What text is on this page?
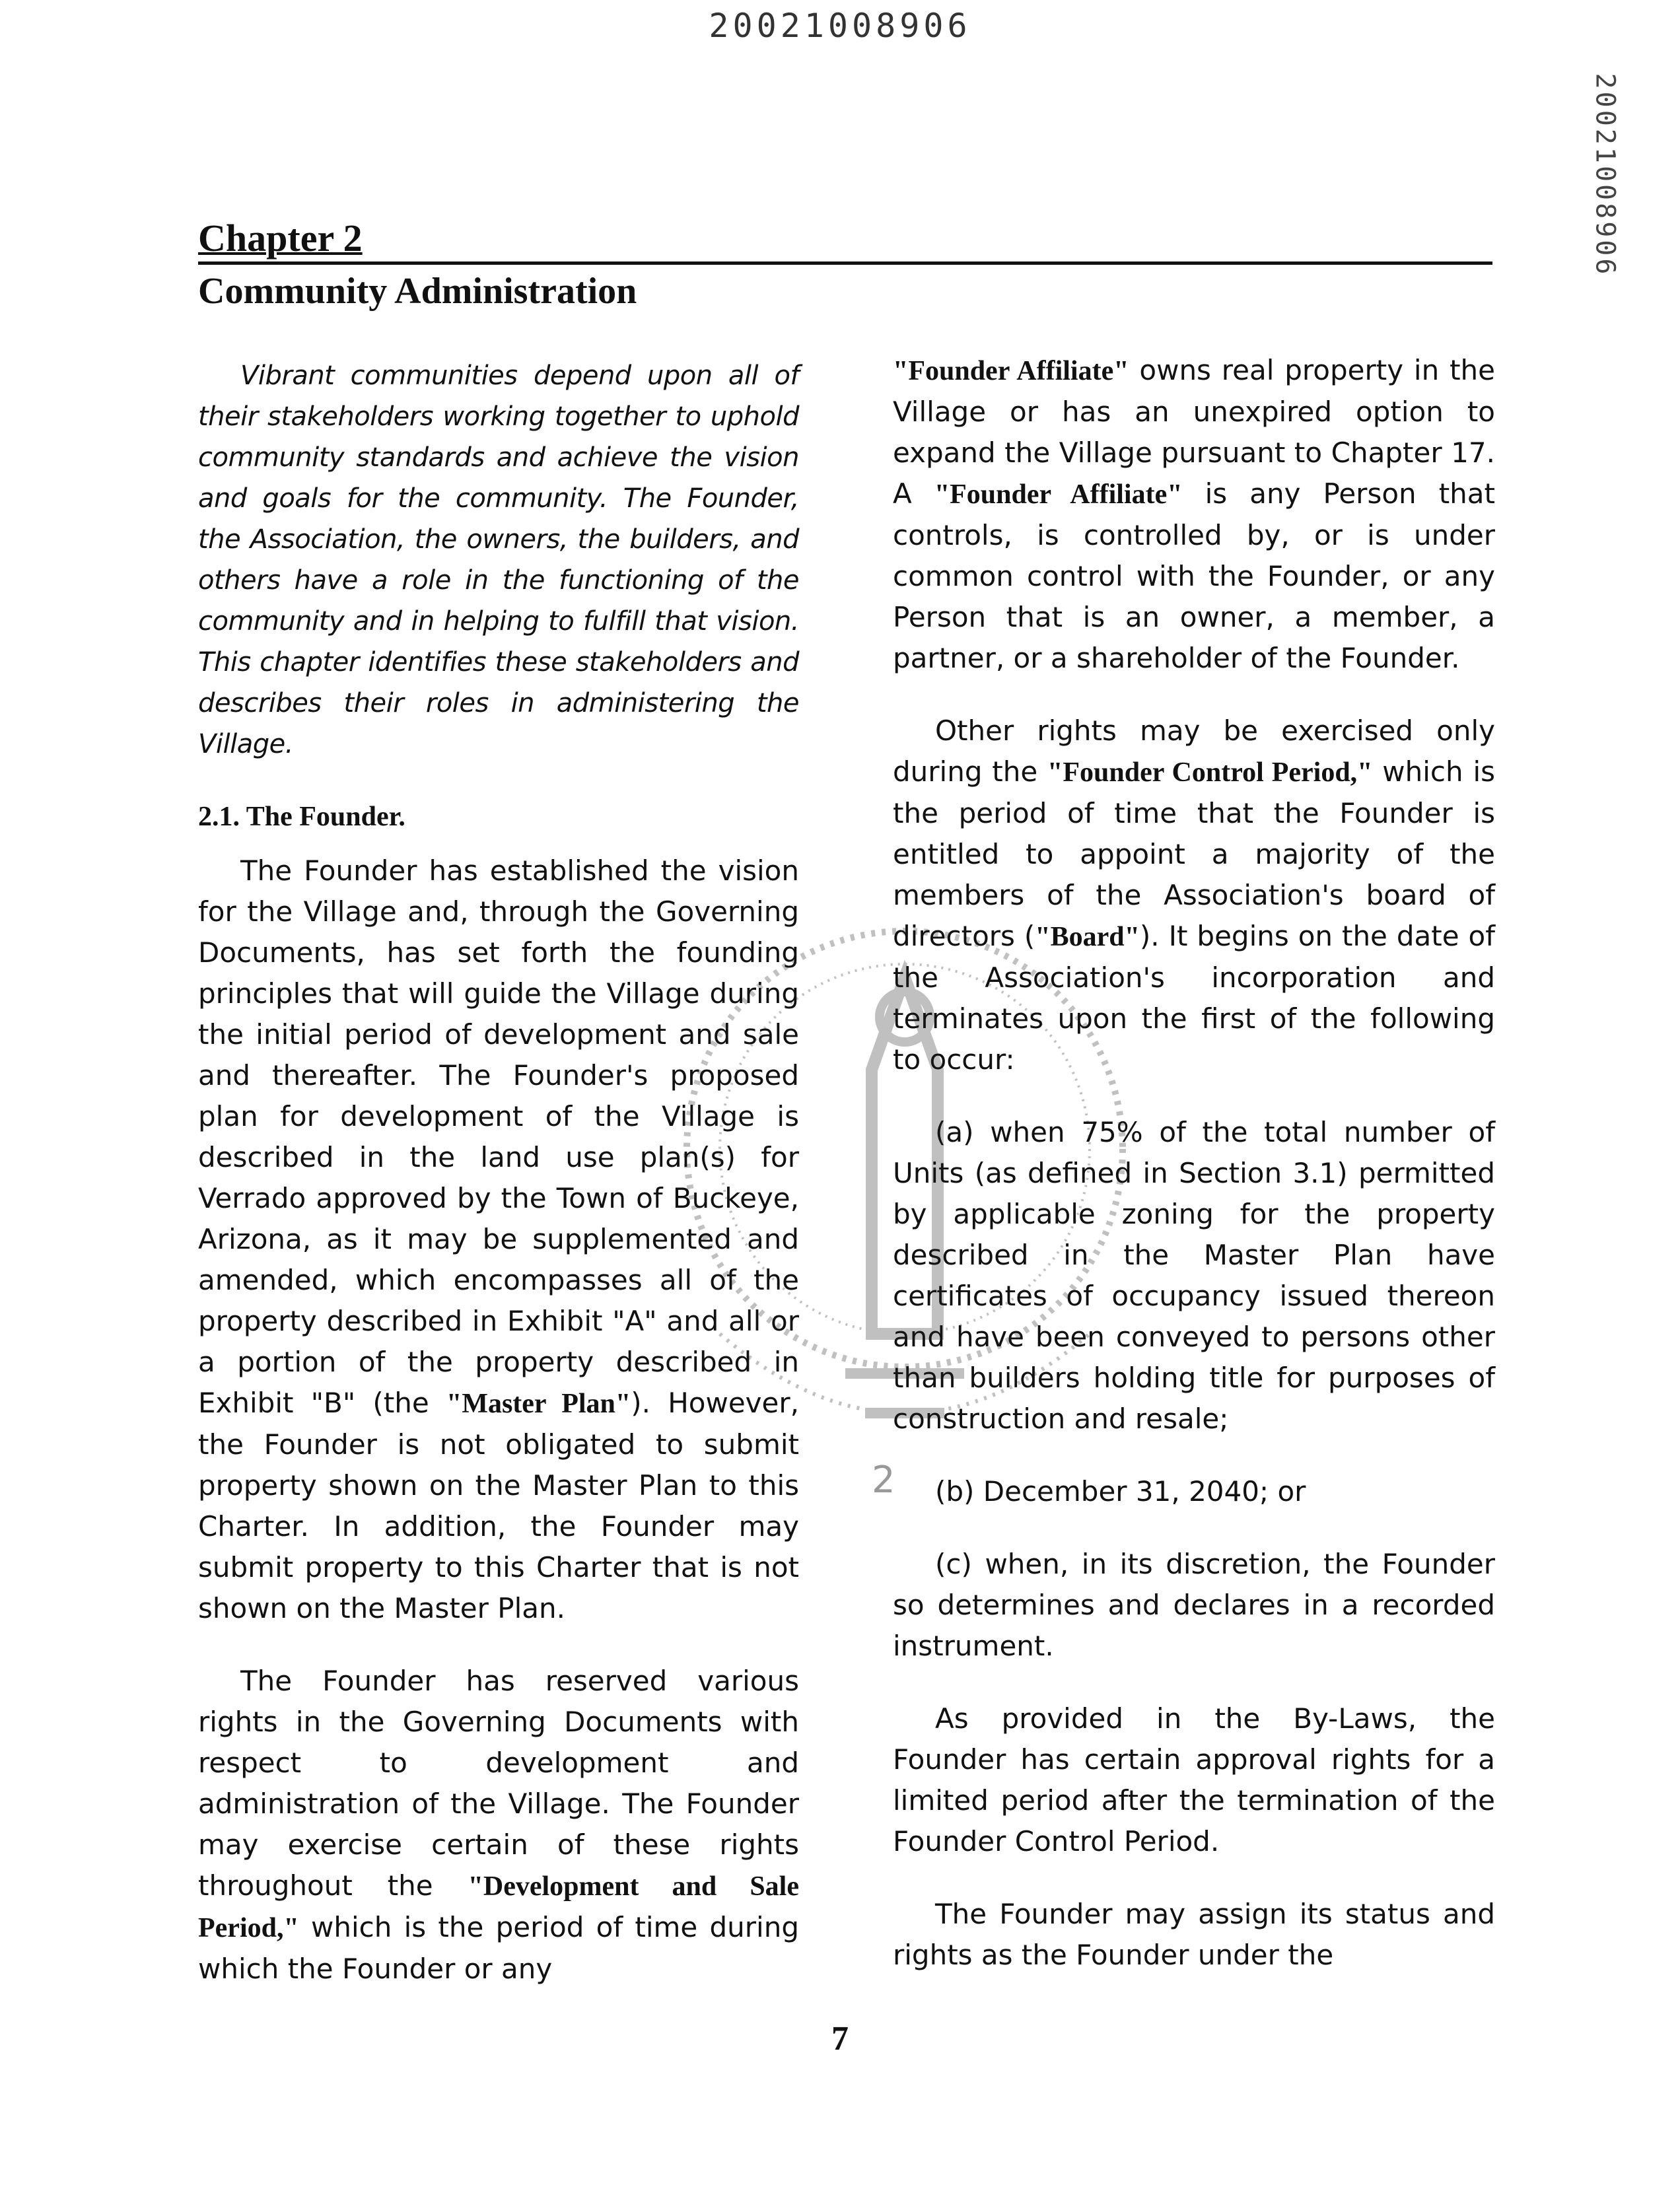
20021008906
20021008906
Chapter 2
Community Administration

Vibrant communities depend upon all of their stakeholders working together to uphold community standards and achieve the vision and goals for the community. The Founder, the Association, the owners, the builders, and others have a role in the functioning of the community and in helping to fulfill that vision. This chapter identifies these stakeholders and describes their roles in administering the Village.

2.1. The Founder.

The Founder has established the vision for the Village and, through the Governing Documents, has set forth the founding principles that will guide the Village during the initial period of development and sale and thereafter. The Founder's proposed plan for development of the Village is described in the land use plan(s) for Verrado approved by the Town of Buckeye, Arizona, as it may be supplemented and amended, which encompasses all of the property described in Exhibit "A" and all or a portion of the property described in Exhibit "B" (the "Master Plan"). However, the Founder is not obligated to submit property shown on the Master Plan to this Charter. In addition, the Founder may submit property to this Charter that is not shown on the Master Plan.

The Founder has reserved various rights in the Governing Documents with respect to development and administration of the Village. The Founder may exercise certain of these rights throughout the "Development and Sale Period," which is the period of time during which the Founder or any

"Founder Affiliate" owns real property in the Village or has an unexpired option to expand the Village pursuant to Chapter 17. A "Founder Affiliate" is any Person that controls, is controlled by, or is under common control with the Founder, or any Person that is an owner, a member, a partner, or a shareholder of the Founder.

Other rights may be exercised only during the "Founder Control Period," which is the period of time that the Founder is entitled to appoint a majority of the members of the Association's board of directors ("Board"). It begins on the date of the Association's incorporation and terminates upon the first of the following to occur:

(a) when 75% of the total number of Units (as defined in Section 3.1) permitted by applicable zoning for the property described in the Master Plan have certificates of occupancy issued thereon and have been conveyed to persons other than builders holding title for purposes of construction and resale;

(b) December 31, 2040; or

(c) when, in its discretion, the Founder so determines and declares in a recorded instrument.

As provided in the By-Laws, the Founder has certain approval rights for a limited period after the termination of the Founder Control Period.

The Founder may assign its status and rights as the Founder under the

2
7
